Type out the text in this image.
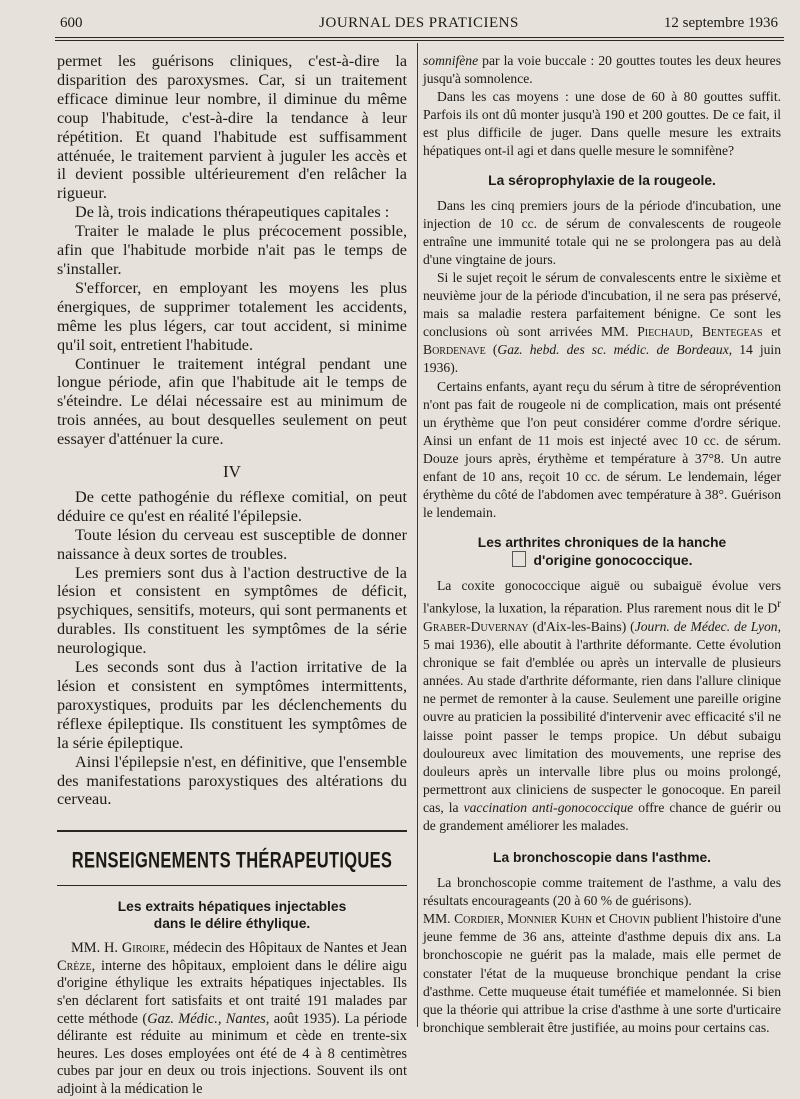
600	JOURNAL DES PRATICIENS	12 septembre 1936

permet les guérisons cliniques, c'est-à-dire la disparition des paroxysmes. Car, si un traitement efficace diminue leur nombre, il diminue du même coup l'habitude, c'est-à-dire la tendance à leur répétition. Et quand l'habitude est suffisamment atténuée, le traitement parvient à juguler les accès et il devient possible ultérieurement d'en relâcher la rigueur.

De là, trois indications thérapeutiques capitales :

Traiter le malade le plus précocement possible, afin que l'habitude morbide n'ait pas le temps de s'installer.

S'efforcer, en employant les moyens les plus énergiques, de supprimer totalement les accidents, même les plus légers, car tout accident, si minime qu'il soit, entretient l'habitude.

Continuer le traitement intégral pendant une longue période, afin que l'habitude ait le temps de s'éteindre. Le délai nécessaire est au minimum de trois années, au bout desquelles seulement on peut essayer d'atténuer la cure.

IV

De cette pathogénie du réflexe comitial, on peut déduire ce qu'est en réalité l'épilepsie.

Toute lésion du cerveau est susceptible de donner naissance à deux sortes de troubles.

Les premiers sont dus à l'action destructive de la lésion et consistent en symptômes de déficit, psychiques, sensitifs, moteurs, qui sont permanents et durables. Ils constituent les symptômes de la série neurologique.

Les seconds sont dus à l'action irritative de la lésion et consistent en symptômes intermittents, paroxystiques, produits par les déclenchements du réflexe épileptique. Ils constituent les symptômes de la série épileptique.

Ainsi l'épilepsie n'est, en définitive, que l'ensemble des manifestations paroxystiques des altérations du cerveau.

RENSEIGNEMENTS THÉRAPEUTIQUES
Les extraits hépatiques injectables
dans le délire éthylique.

MM. H. Giroire, médecin des Hôpitaux de Nantes et Jean Crèze, interne des hôpitaux, emploient dans le délire aigu d'origine éthylique les extraits hépatiques injectables. Ils s'en déclarent fort satisfaits et ont traité 191 malades par cette méthode (Gaz. Médic., Nantes, août 1935). La période délirante est réduite au minimum et cède en trente-six heures. Les doses employées ont été de 4 à 8 centimètres cubes par jour en deux ou trois injections. Souvent ils ont adjoint à la médication le

somnifène par la voie buccale : 20 gouttes toutes les deux heures jusqu'à somnolence.

Dans les cas moyens : une dose de 60 à 80 gouttes suffit. Parfois ils ont dû monter jusqu'à 190 et 200 gouttes. De ce fait, il est plus difficile de juger. Dans quelle mesure les extraits hépatiques ont-il agi et dans quelle mesure le somnifène?

La séroprophylaxie de la rougeole.

Dans les cinq premiers jours de la période d'incubation, une injection de 10 cc. de sérum de convalescents de rougeole entraîne une immunité totale qui ne se prolongera pas au delà d'une vingtaine de jours.

Si le sujet reçoit le sérum de convalescents entre le sixième et neuvième jour de la période d'incubation, il ne sera pas préservé, mais sa maladie restera parfaitement bénigne. Ce sont les conclusions où sont arrivées MM. Piechaud, Bentegeas et Bordenave (Gaz. hebd. des sc. médic. de Bordeaux, 14 juin 1936).

Certains enfants, ayant reçu du sérum à titre de séroprévention n'ont pas fait de rougeole ni de complication, mais ont présenté un érythème que l'on peut considérer comme d'ordre sérique. Ainsi un enfant de 11 mois est injecté avec 10 cc. de sérum. Douze jours après, érythème et température à 37°8. Un autre enfant de 10 ans, reçoit 10 cc. de sérum. Le lendemain, léger érythème du côté de l'abdomen avec température à 38°. Guérison le lendemain.

Les arthrites chroniques de la hanche
d'origine gonococcique.

La coxite gonococcique aiguë ou subaiguë évolue vers l'ankylose, la luxation, la réparation. Plus rarement nous dit le $D^r$ Graber-Duvernay (d'Aix-les-Bains) (Journ. de Médec. de Lyon, 5 mai 1936), elle aboutit à l'arthrite déformante. Cette évolution chronique se fait d'emblée ou après un intervalle de plusieurs années. Au stade d'arthrite déformante, rien dans l'allure clinique ne permet de remonter à la cause. Seulement une pareille origine ouvre au praticien la possibilité d'intervenir avec efficacité s'il ne laisse point passer le temps propice. Un début subaigu douloureux avec limitation des mouvements, une reprise des douleurs après un intervalle libre plus ou moins prolongé, permettront aux cliniciens de suspecter le gonocoque. En pareil cas, la vaccination anti-gonococcique offre chance de guérir ou de grandement améliorer les malades.

La bronchoscopie dans l'asthme.

La bronchoscopie comme traitement de l'asthme, a valu des résultats encourageants (20 à 60 % de guérisons).

MM. Cordier, Monnier Kuhn et Chovin publient l'histoire d'une jeune femme de 36 ans, atteinte d'asthme depuis dix ans. La bronchoscopie ne guérit pas la malade, mais elle permet de constater l'état de la muqueuse bronchique pendant la crise d'asthme. Cette muqueuse était tuméfiée et mamelonnée. Si bien que la théorie qui attribue la crise d'asthme à une sorte d'urticaire bronchique semblerait être justifiée, au moins pour certains cas.
